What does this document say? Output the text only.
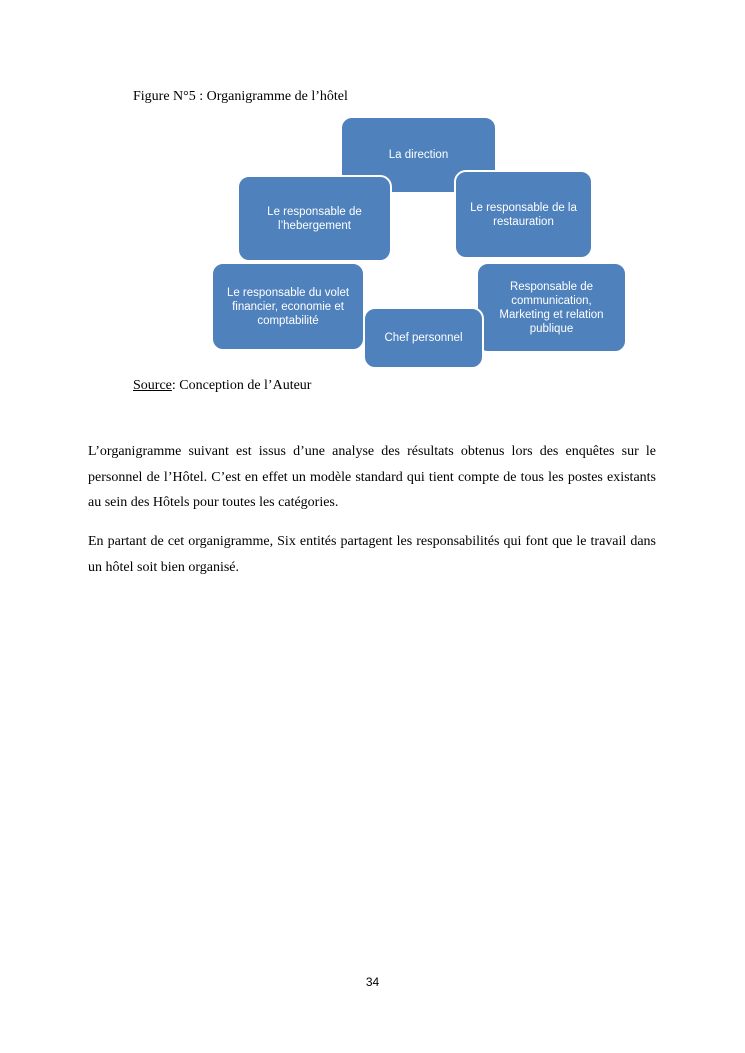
Figure N°5 : Organigramme de l’hôtel
La direction
Le responsable de la restauration
Le responsable de l’hebergement
Responsable de communication, Marketing et relation publique
Le responsable du volet financier, economie et comptabilité
Chef personnel
Source: Conception de l’Auteur

L’organigramme suivant est issus d’une analyse des résultats obtenus lors des enquêtes sur le personnel de l’Hôtel. C’est en effet un modèle standard qui tient compte de tous les postes existants au sein des Hôtels pour toutes les catégories.

En partant de cet organigramme, Six entités partagent les responsabilités qui font que le travail dans un hôtel soit bien organisé.

34
